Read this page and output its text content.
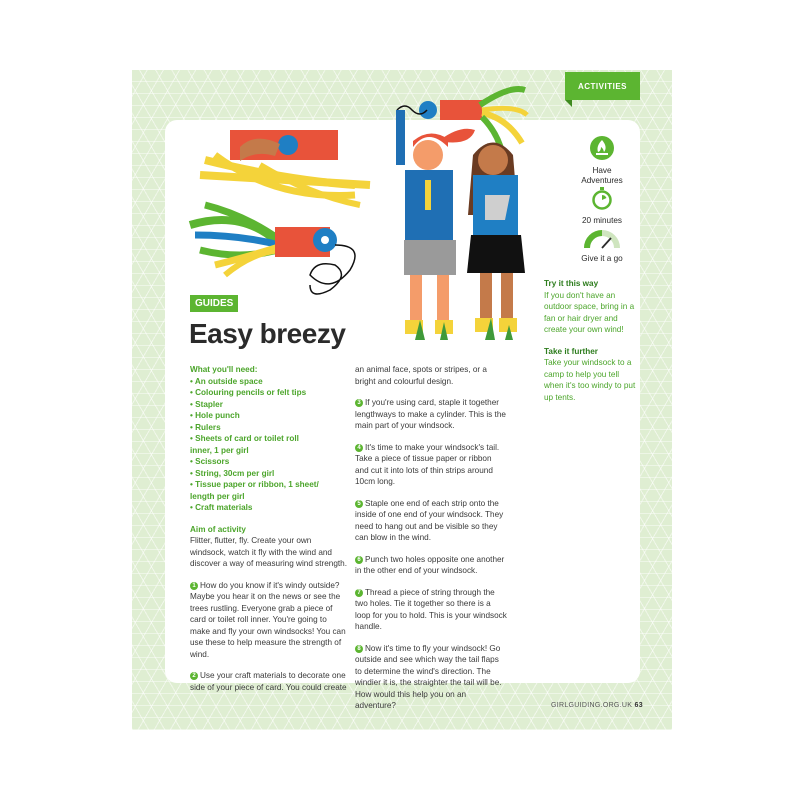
ACTIVITIES
GUIDES
Easy breezy
What you'll need:
• An outside space
• Colouring pencils or felt tips
• Stapler
• Hole punch
• Rulers
• Sheets of card or toilet roll
inner, 1 per girl
• Scissors
• String, 30cm per girl
• Tissue paper or ribbon, 1 sheet/
length per girl
• Craft materials
Aim of activity

Flitter, flutter, fly. Create your own windsock, watch it fly with the wind and discover a way of measuring wind strength.

1 How do you know if it's windy outside? Maybe you hear it on the news or see the trees rustling. Everyone grab a piece of card or toilet roll inner. You're going to make and fly your own windsocks! You can use these to help measure the strength of wind.

2 Use your craft materials to decorate one side of your piece of card. You could create

an animal face, spots or stripes, or a bright and colourful design.

3 If you're using card, staple it together lengthways to make a cylinder. This is the main part of your windsock.

4 It's time to make your windsock's tail. Take a piece of tissue paper or ribbon and cut it into lots of thin strips around 10cm long.

5 Staple one end of each strip onto the inside of one end of your windsock. They need to hang out and be visible so they can blow in the wind.

6 Punch two holes opposite one another in the other end of your windsock.

7 Thread a piece of string through the two holes. Tie it together so there is a loop for you to hold. This is your windsock handle.

8 Now it's time to fly your windsock! Go outside and see which way the tail flaps to determine the wind's direction. The windier it is, the straighter the tail will be. How would this help you on an adventure?

Have Adventures
20 minutes
Give it a go
Try it this way

If you don't have an outdoor space, bring in a fan or hair dryer and create your own wind!

Take it further

Take your windsock to a camp to help you tell when it's too windy to put up tents.

GIRLGUIDING.ORG.UK 63
